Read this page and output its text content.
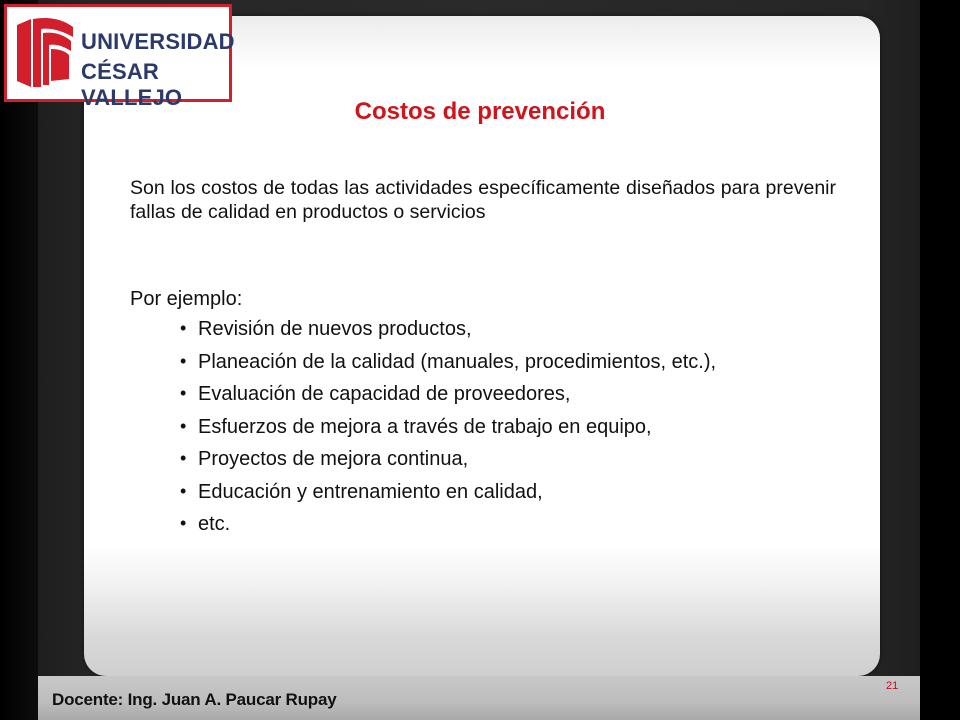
Docente: Ing. Juan A. Paucar Rupay
21
UNIVERSIDAD
CÉSAR VALLEJO
Costos de prevención
Son los costos de todas las actividades específicamente diseñados para prevenir fallas de calidad en productos o servicios
Por ejemplo:
• Revisión de nuevos productos,
• Planeación de la calidad (manuales, procedimientos, etc.),
• Evaluación de capacidad de proveedores,
• Esfuerzos de mejora a través de trabajo en equipo,
• Proyectos de mejora continua,
• Educación y entrenamiento en calidad,
• etc.
